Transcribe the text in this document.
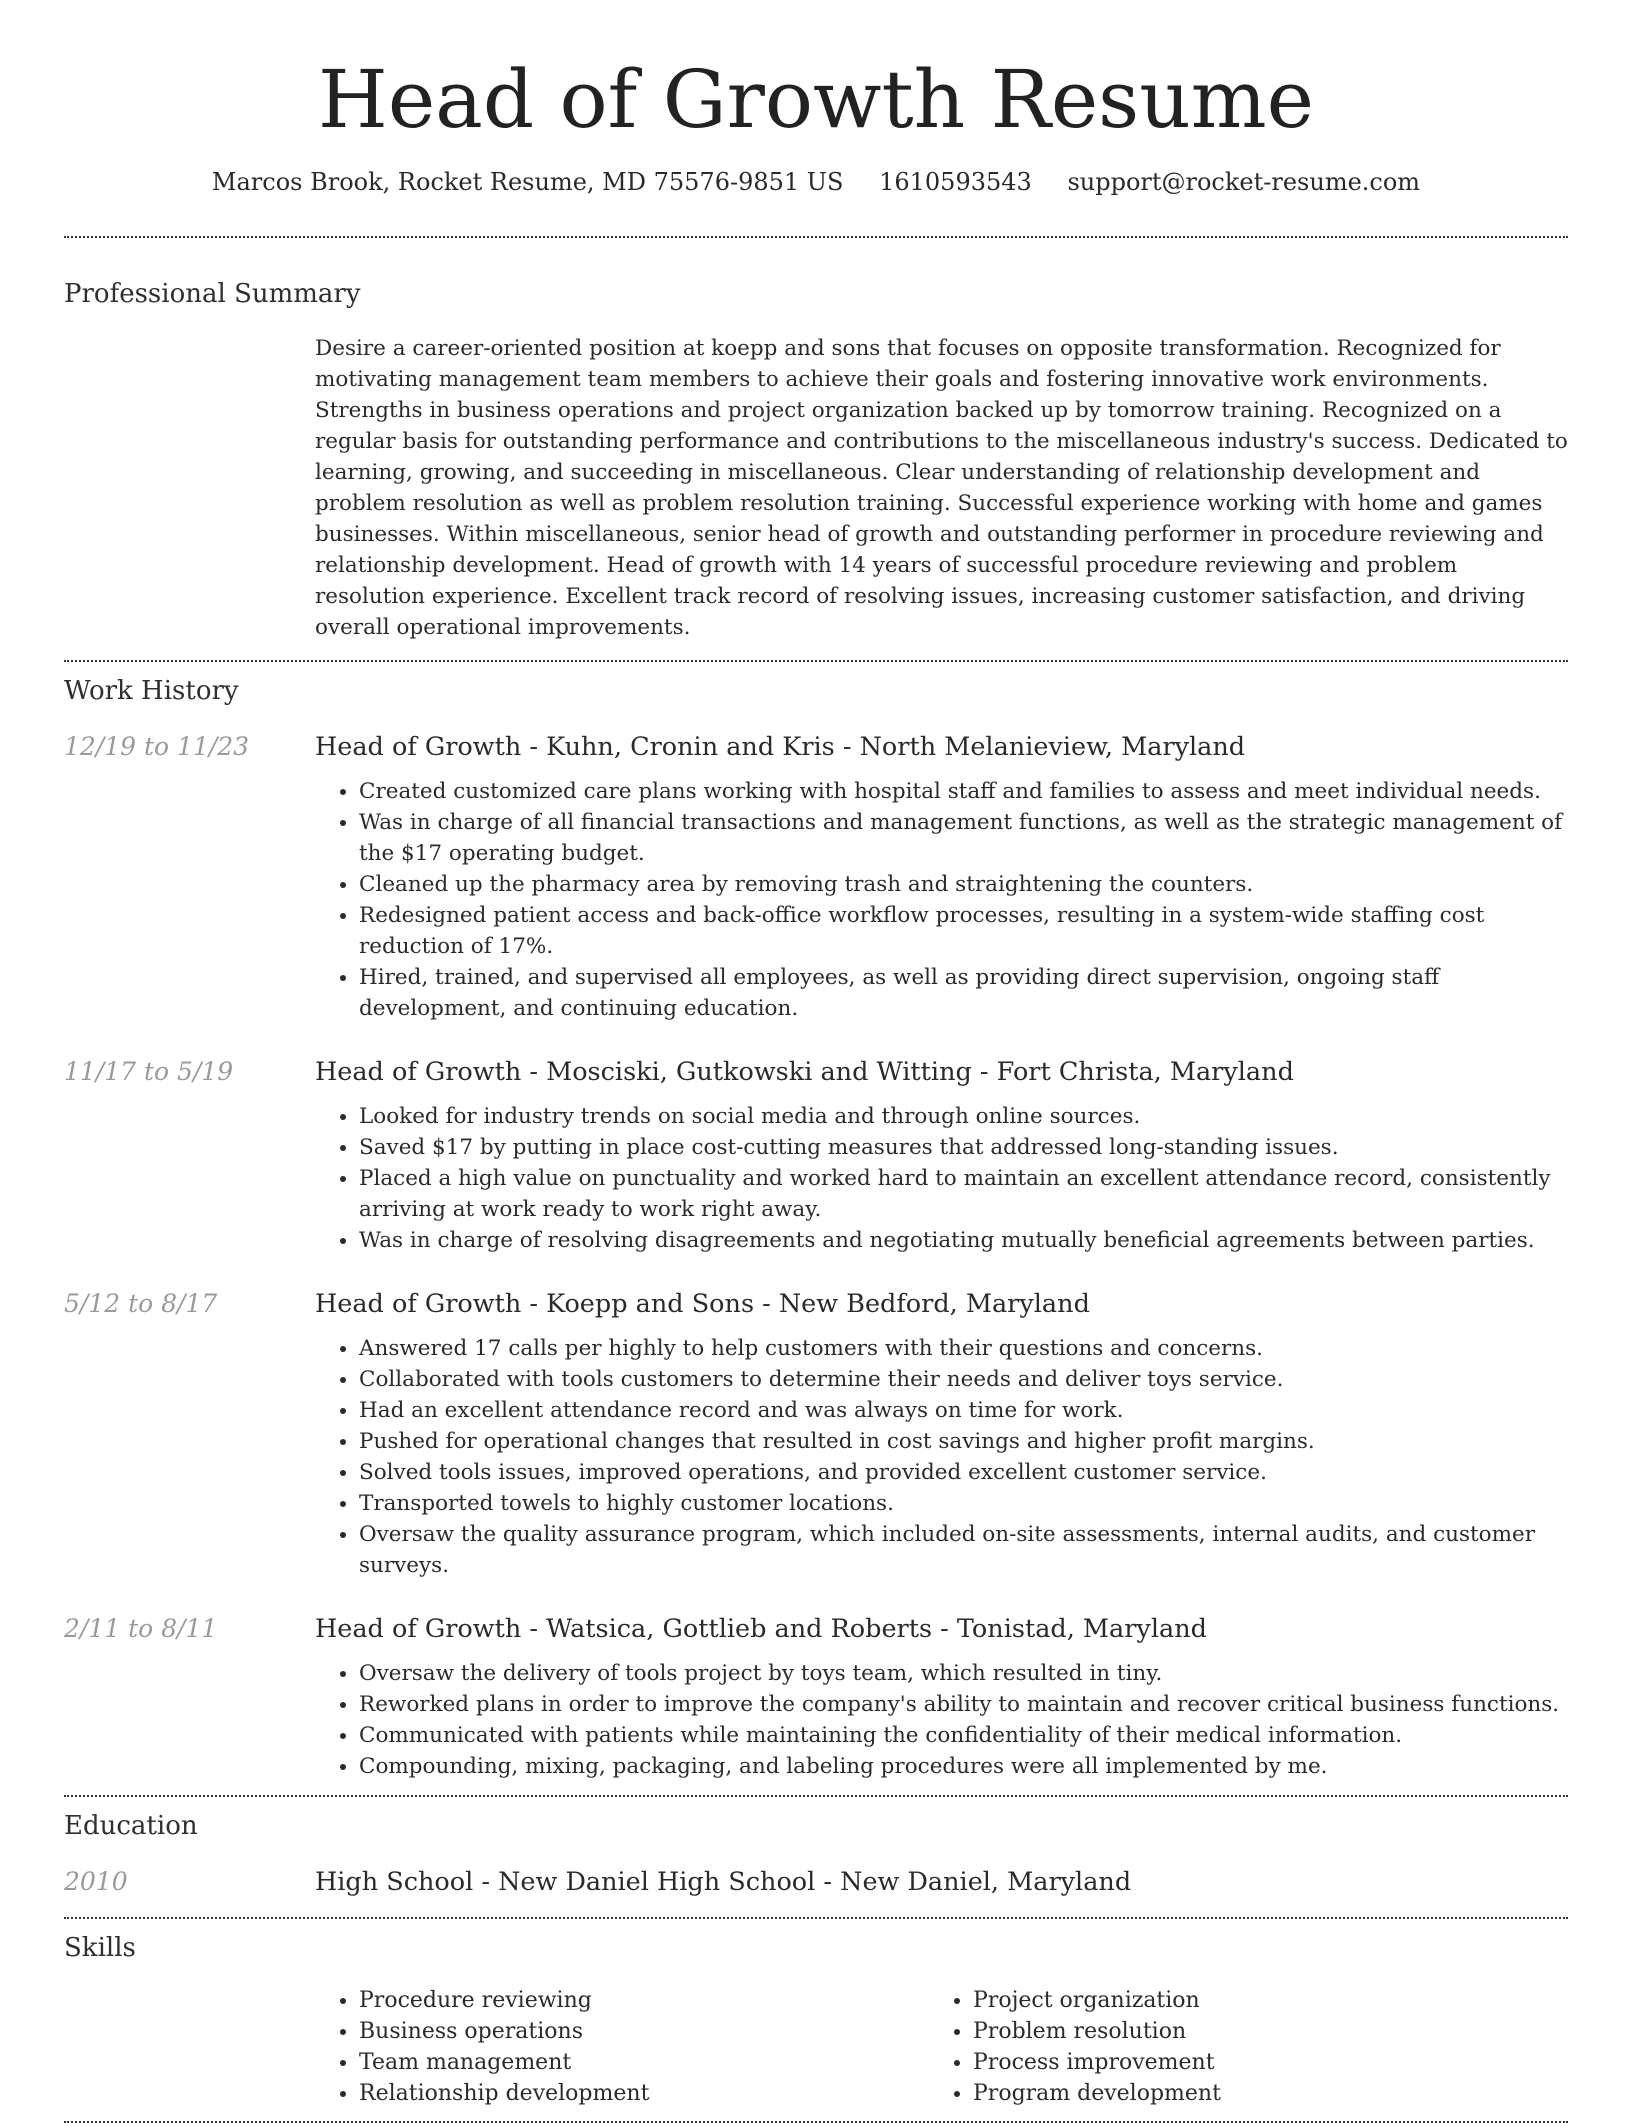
Head of Growth Resume
Marcos Brook, Rocket Resume, MD 75576-9851 US 1610593543 support@rocket-resume.com
Professional Summary

Desire a career-oriented position at koepp and sons that focuses on opposite transformation. Recognized for motivating management team members to achieve their goals and fostering innovative work environments. Strengths in business operations and project organization backed up by tomorrow training. Recognized on a regular basis for outstanding performance and contributions to the miscellaneous industry's success. Dedicated to learning, growing, and succeeding in miscellaneous. Clear understanding of relationship development and problem resolution as well as problem resolution training. Successful experience working with home and games businesses. Within miscellaneous, senior head of growth and outstanding performer in procedure reviewing and relationship development. Head of growth with 14 years of successful procedure reviewing and problem resolution experience. Excellent track record of resolving issues, increasing customer satisfaction, and driving overall operational improvements.

Work History
12/19 to 11/23	Head of Growth - Kuhn, Cronin and Kris - North Melanieview, Maryland

• Created customized care plans working with hospital staff and families to assess and meet individual needs.
• Was in charge of all financial transactions and management functions, as well as the strategic management of the $17 operating budget.
• Cleaned up the pharmacy area by removing trash and straightening the counters.
• Redesigned patient access and back-office workflow processes, resulting in a system-wide staffing cost reduction of 17%.
• Hired, trained, and supervised all employees, as well as providing direct supervision, ongoing staff development, and continuing education.
11/17 to 5/19	Head of Growth - Mosciski, Gutkowski and Witting - Fort Christa, Maryland

• Looked for industry trends on social media and through online sources.
• Saved $17 by putting in place cost-cutting measures that addressed long-standing issues.
• Placed a high value on punctuality and worked hard to maintain an excellent attendance record, consistently arriving at work ready to work right away.
• Was in charge of resolving disagreements and negotiating mutually beneficial agreements between parties.
5/12 to 8/17	Head of Growth - Koepp and Sons - New Bedford, Maryland

• Answered 17 calls per highly to help customers with their questions and concerns.
• Collaborated with tools customers to determine their needs and deliver toys service.
• Had an excellent attendance record and was always on time for work.
• Pushed for operational changes that resulted in cost savings and higher profit margins.
• Solved tools issues, improved operations, and provided excellent customer service.
• Transported towels to highly customer locations.
• Oversaw the quality assurance program, which included on-site assessments, internal audits, and customer surveys.
2/11 to 8/11	Head of Growth - Watsica, Gottlieb and Roberts - Tonistad, Maryland

• Oversaw the delivery of tools project by toys team, which resulted in tiny.
• Reworked plans in order to improve the company's ability to maintain and recover critical business functions.
• Communicated with patients while maintaining the confidentiality of their medical information.
• Compounding, mixing, packaging, and labeling procedures were all implemented by me.
Education
2010	High School - New Daniel High School - New Daniel, Maryland

Skills
• Procedure reviewing
• Business operations
• Team management
• Relationship development
• Project organization
• Problem resolution
• Process improvement
• Program development
